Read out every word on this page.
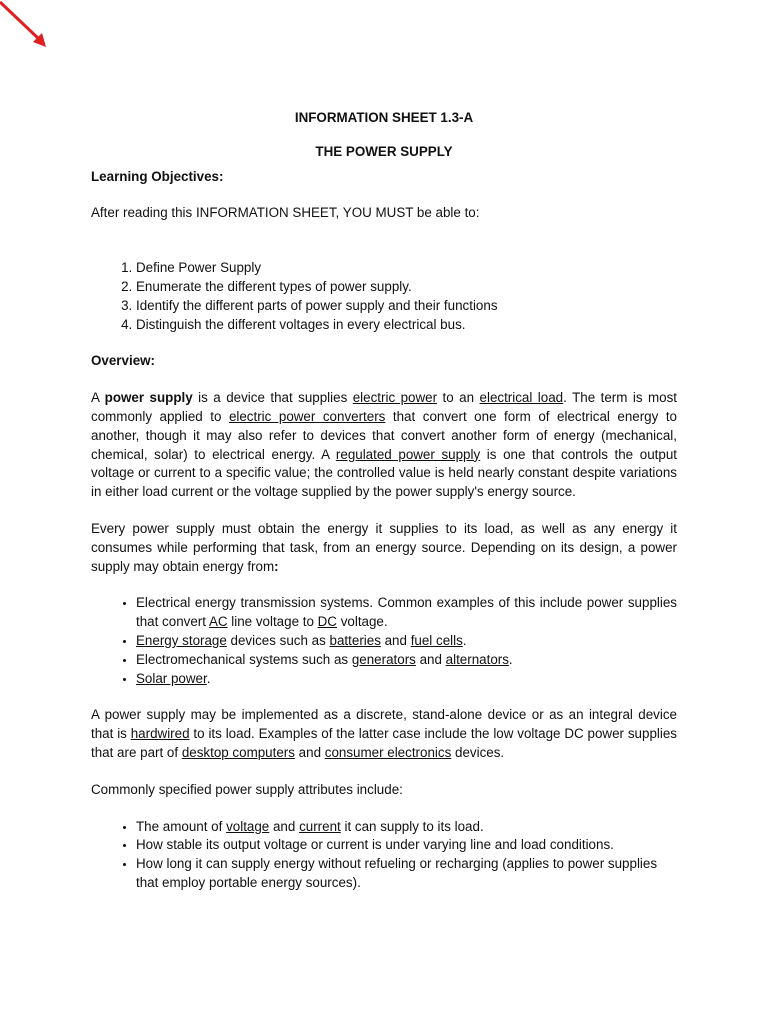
INFORMATION SHEET 1.3-A

THE POWER SUPPLY

Learning Objectives:

After reading this INFORMATION SHEET, YOU MUST be able to:

1. Define Power Supply
2. Enumerate the different types of power supply.
3. Identify the different parts of power supply and their functions
4. Distinguish the different voltages in every electrical bus.

Overview:

A power supply is a device that supplies electric power to an electrical load. The term is most commonly applied to electric power converters that convert one form of electrical energy to another, though it may also refer to devices that convert another form of energy (mechanical, chemical, solar) to electrical energy. A regulated power supply is one that controls the output voltage or current to a specific value; the controlled value is held nearly constant despite variations in either load current or the voltage supplied by the power supply's energy source.

Every power supply must obtain the energy it supplies to its load, as well as any energy it consumes while performing that task, from an energy source. Depending on its design, a power supply may obtain energy from:

• Electrical energy transmission systems. Common examples of this include power supplies that convert AC line voltage to DC voltage.
• Energy storage devices such as batteries and fuel cells.
• Electromechanical systems such as generators and alternators.
• Solar power.

A power supply may be implemented as a discrete, stand-alone device or as an integral device that is hardwired to its load. Examples of the latter case include the low voltage DC power supplies that are part of desktop computers and consumer electronics devices.

Commonly specified power supply attributes include:

• The amount of voltage and current it can supply to its load.
• How stable its output voltage or current is under varying line and load conditions.
• How long it can supply energy without refueling or recharging (applies to power supplies that employ portable energy sources).
